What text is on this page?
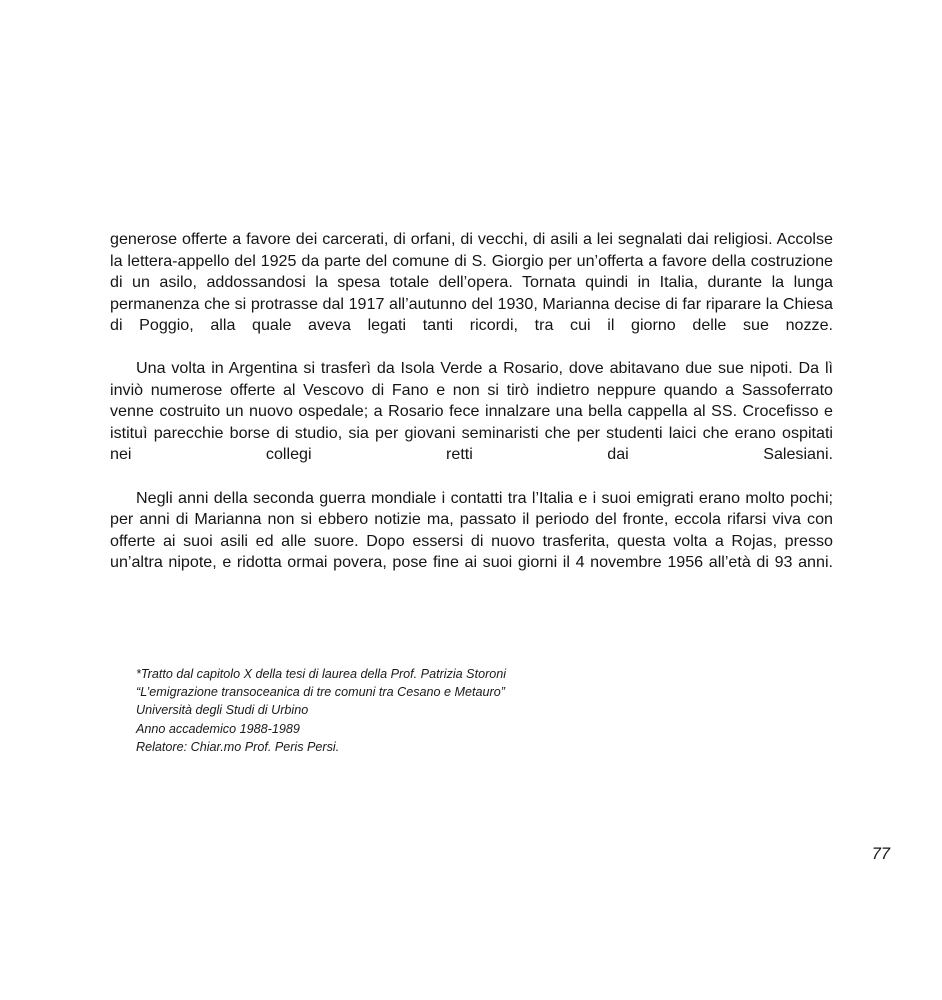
generose offerte a favore dei carcerati, di orfani, di vecchi, di asili a lei segnalati dai religiosi. Accolse la lettera-appello del 1925 da parte del comune di S. Giorgio per un’offerta a favore della costruzione di un asilo, addossandosi la spesa totale dell’opera. Tornata quindi in Italia, durante la lunga permanenza che si protrasse dal 1917 all’autunno del 1930, Marianna decise di far riparare la Chiesa di Poggio, alla quale aveva legati tanti ricordi, tra cui il giorno delle sue nozze.

Una volta in Argentina si trasferì da Isola Verde a Rosario, dove abitavano due sue nipoti. Da lì inviò numerose offerte al Vescovo di Fano e non si tirò indietro neppure quando a Sassoferrato venne costruito un nuovo ospedale; a Rosario fece innalzare una bella cappella al SS. Crocefisso e istituì parecchie borse di studio, sia per giovani seminaristi che per studenti laici che erano ospitati nei collegi retti dai Salesiani.

Negli anni della seconda guerra mondiale i contatti tra l’Italia e i suoi emigrati erano molto pochi; per anni di Marianna non si ebbero notizie ma, passato il periodo del fronte, eccola rifarsi viva con offerte ai suoi asili ed alle suore. Dopo essersi di nuovo trasferita, questa volta a Rojas, presso un’altra nipote, e ridotta ormai povera, pose fine ai suoi giorni il 4 novembre 1956 all’età di 93 anni.

*Tratto dal capitolo X della tesi di laurea della Prof. Patrizia Storoni
“L’emigrazione transoceanica di tre comuni tra Cesano e Metauro”
Università degli Studi di Urbino
Anno accademico 1988-1989
Relatore: Chiar.mo Prof. Peris Persi.
77
